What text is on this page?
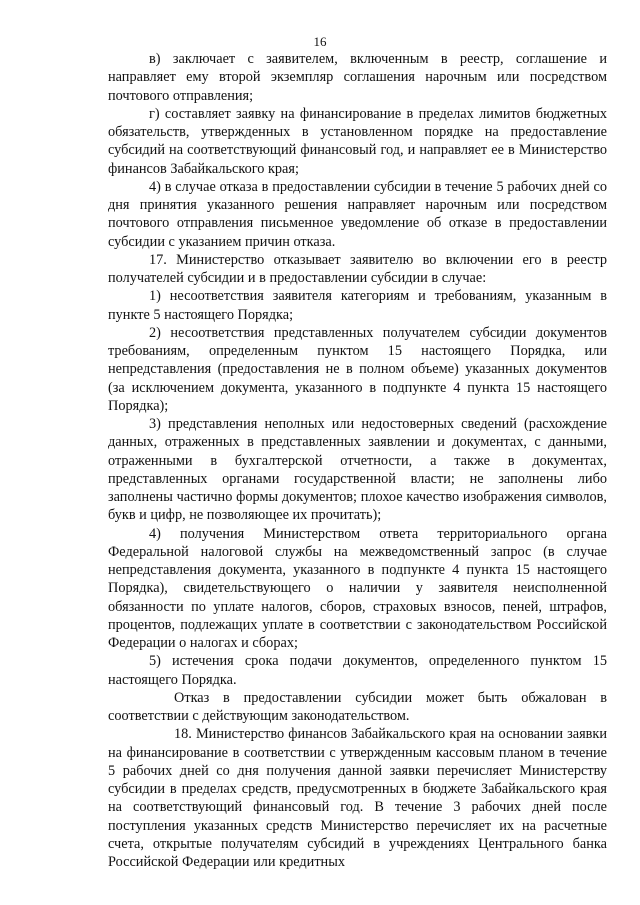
16

в) заключает с заявителем, включенным в реестр, соглашение и направляет ему второй экземпляр соглашения нарочным или посредством почтового отправления;

г) составляет заявку на финансирование в пределах лимитов бюджетных обязательств, утвержденных в установленном порядке на предоставление субсидий на соответствующий финансовый год, и направляет ее в Министерство финансов Забайкальского края;

4) в случае отказа в предоставлении субсидии в течение 5 рабочих дней со дня принятия указанного решения направляет нарочным или посредством почтового отправления письменное уведомление об отказе в предоставлении субсидии с указанием причин отказа.

17. Министерство отказывает заявителю во включении его в реестр получателей субсидии и в предоставлении субсидии в случае:

1) несоответствия заявителя категориям и требованиям, указанным в пункте 5 настоящего Порядка;

2) несоответствия представленных получателем субсидии документов требованиям, определенным пунктом 15 настоящего Порядка, или непредставления (предоставления не в полном объеме) указанных документов (за исключением документа, указанного в подпункте 4 пункта 15 настоящего Порядка);

3) представления неполных или недостоверных сведений (расхождение данных, отраженных в представленных заявлении и документах, с данными, отраженными в бухгалтерской отчетности, а также в документах, представленных органами государственной власти; не заполнены либо заполнены частично формы документов; плохое качество изображения символов, букв и цифр, не позволяющее их прочитать);

4) получения Министерством ответа территориального органа Федеральной налоговой службы на межведомственный запрос (в случае непредставления документа, указанного в подпункте 4 пункта 15 настоящего Порядка), свидетельствующего о наличии у заявителя неисполненной обязанности по уплате налогов, сборов, страховых взносов, пеней, штрафов, процентов, подлежащих уплате в соответствии с законодательством Российской Федерации о налогах и сборах;

5) истечения срока подачи документов, определенного пунктом 15 настоящего Порядка.

Отказ в предоставлении субсидии может быть обжалован в соответствии с действующим законодательством.

18. Министерство финансов Забайкальского края на основании заявки на финансирование в соответствии с утвержденным кассовым планом в течение 5 рабочих дней со дня получения данной заявки перечисляет Министерству субсидии в пределах средств, предусмотренных в бюджете Забайкальского края на соответствующий финансовый год. В течение 3 рабочих дней после поступления указанных средств Министерство перечисляет их на расчетные счета, открытые получателям субсидий в учреждениях Центрального банка Российской Федерации или кредитных
